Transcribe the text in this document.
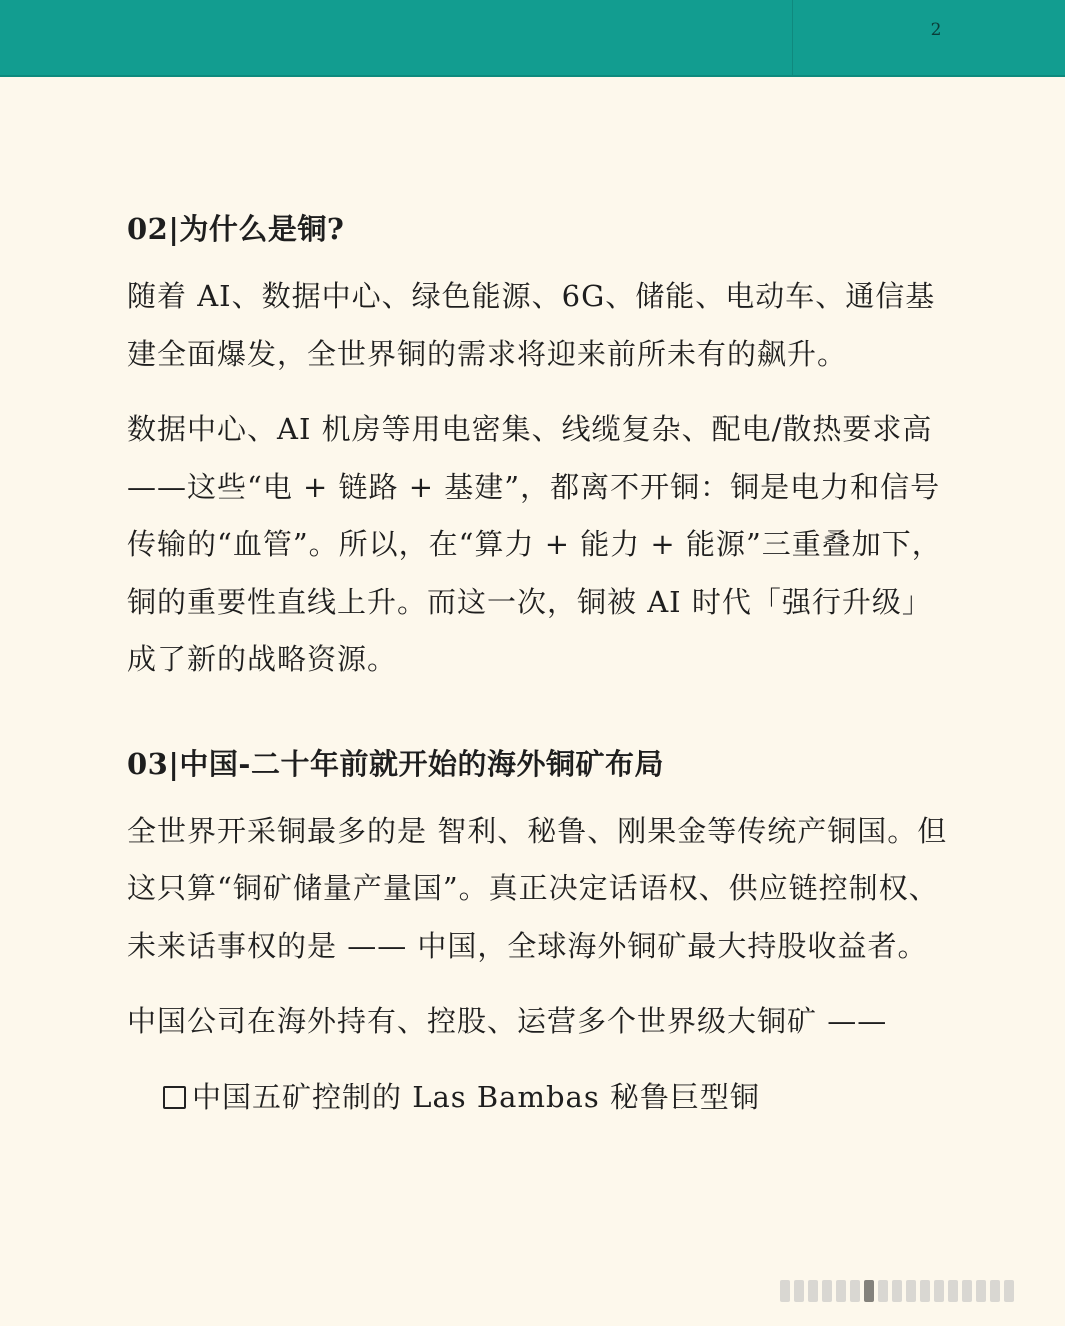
2
02|为什么是铜?

随着 AI、数据中心、绿色能源、6G、储能、电动车、通信基建全面爆发，全世界铜的需求将迎来前所未有的飙升。

数据中心、AI 机房等用电密集、线缆复杂、配电/散热要求高——这些“电 + 链路 + 基建”，都离不开铜：铜是电力和信号传输的“血管”。所以，在“算力 + 能力 + 能源”三重叠加下，铜的重要性直线上升。而这一次，铜被 AI 时代「强行升级」成了新的战略资源。

03|中国-二十年前就开始的海外铜矿布局

全世界开采铜最多的是 智利、秘鲁、刚果金等传统产铜国。但这只算“铜矿储量产量国”。真正决定话语权、供应链控制权、未来话事权的是 —— 中国，全球海外铜矿最大持股收益者。

中国公司在海外持有、控股、运营多个世界级大铜矿 ——

中国五矿控制的 Las Bambas 秘鲁巨型铜
